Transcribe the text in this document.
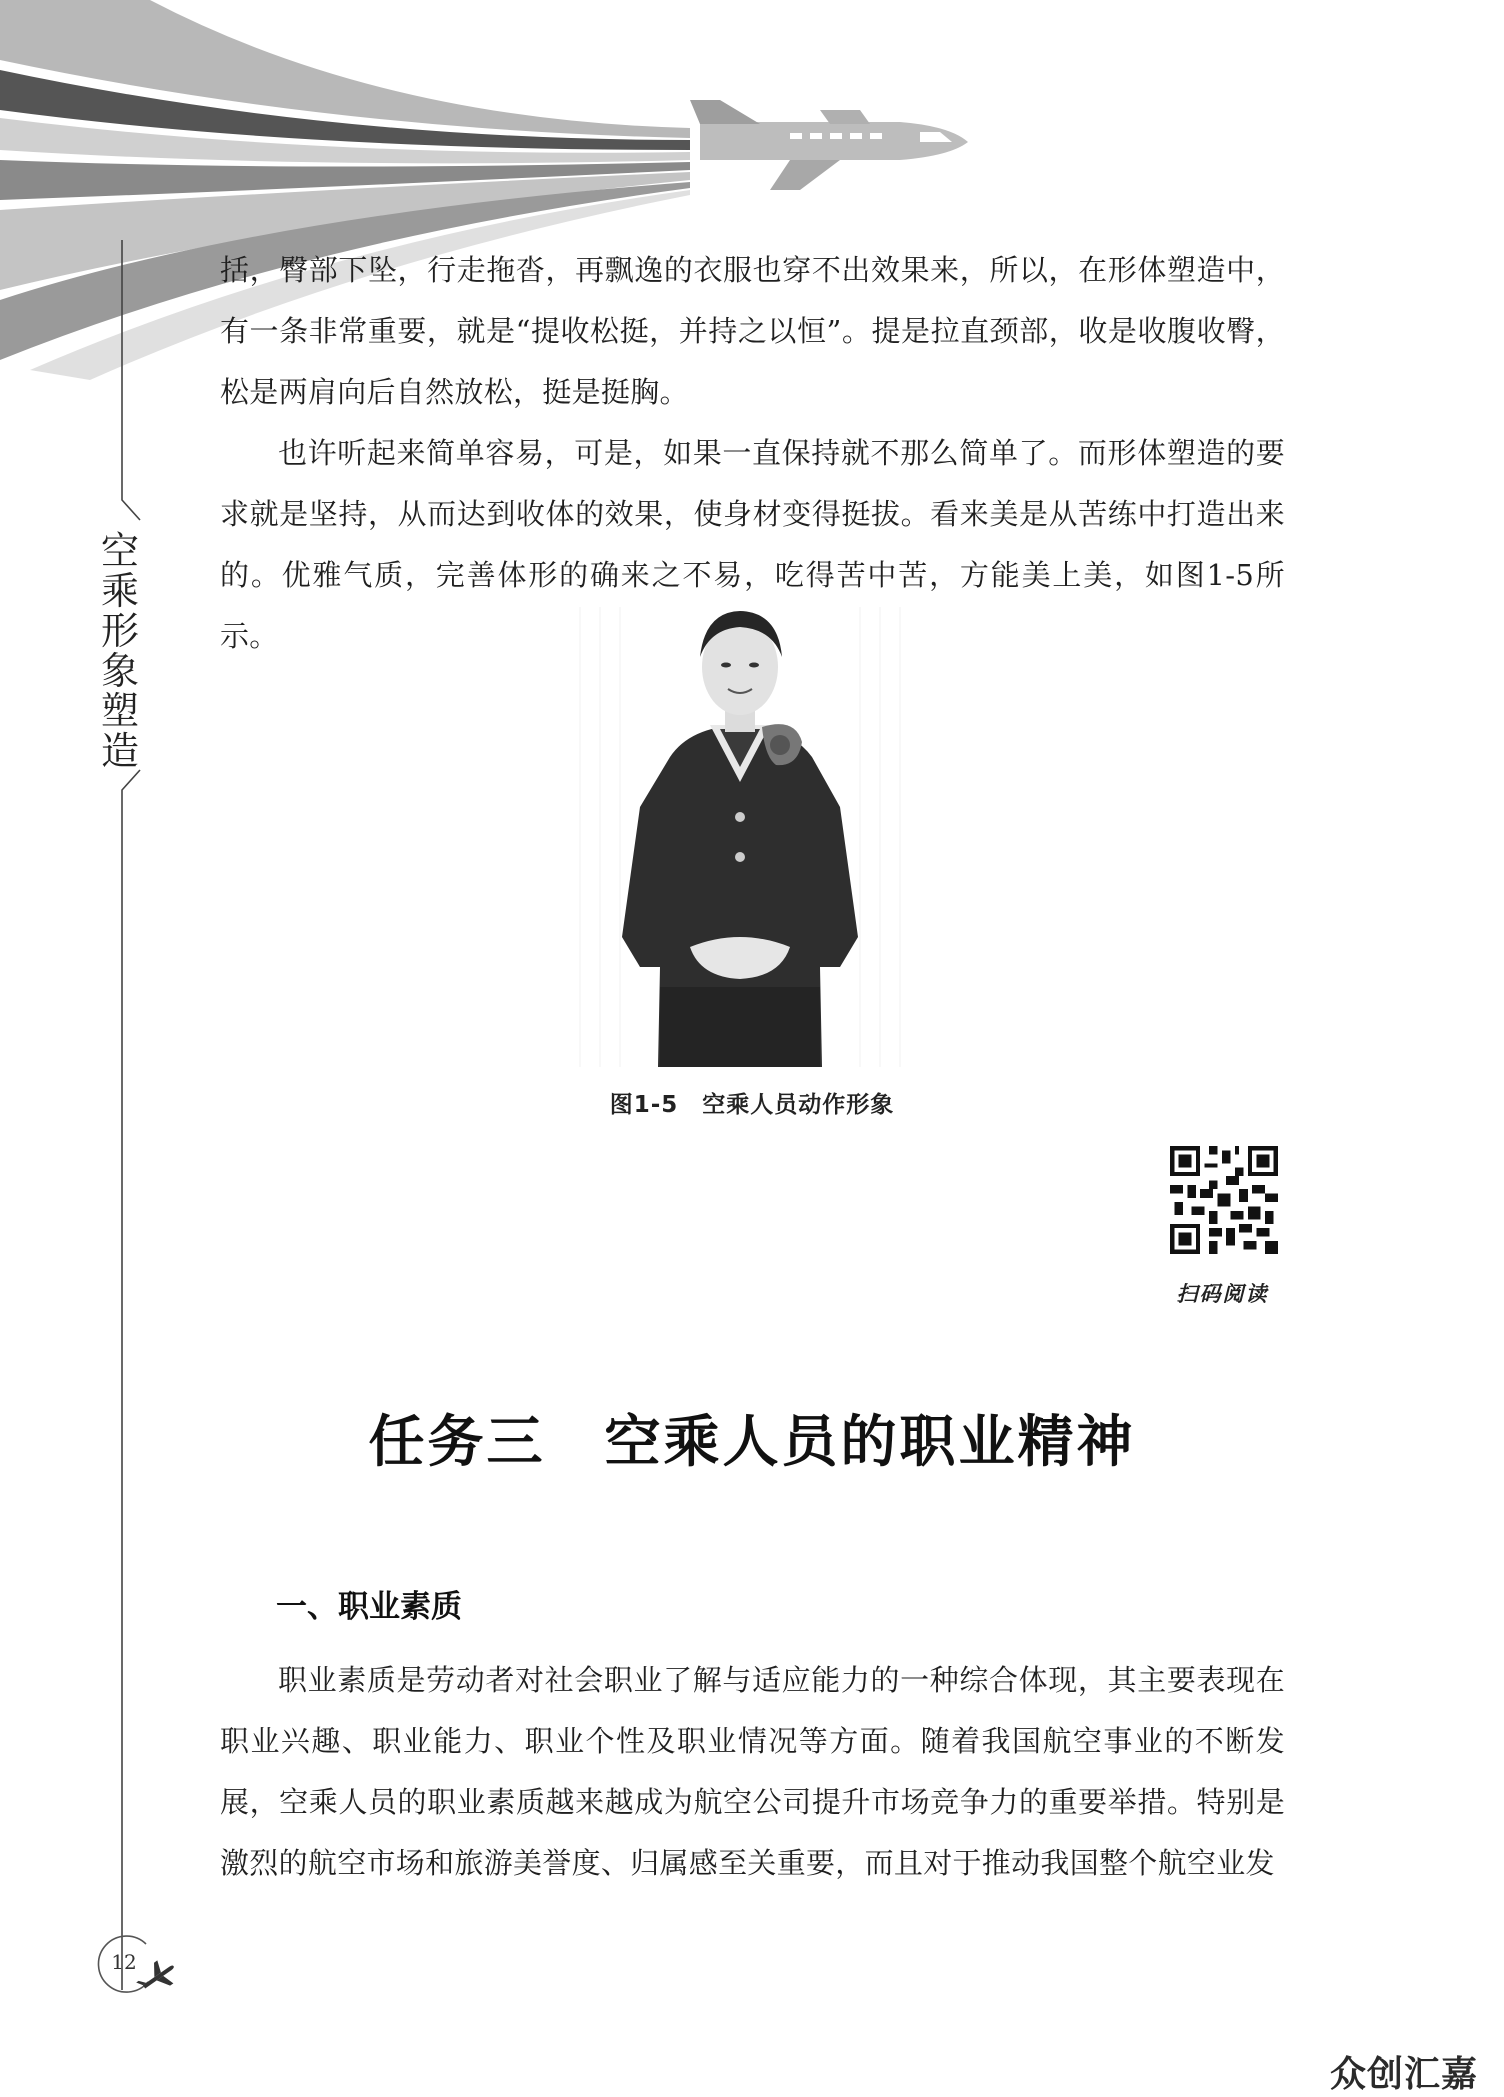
空
乘
形
象
塑
造
括，臀部下坠，行走拖沓，再飘逸的衣服也穿不出效果来，所以，在形体塑造中，有一条非常重要，就是“提收松挺，并持之以恒”。提是拉直颈部，收是收腹收臀，松是两肩向后自然放松，挺是挺胸。
也许听起来简单容易，可是，如果一直保持就不那么简单了。而形体塑造的要求就是坚持，从而达到收体的效果，使身材变得挺拔。看来美是从苦练中打造出来的。优雅气质，完善体形的确来之不易，吃得苦中苦，方能美上美，如图1-5所示。
图1-5　空乘人员动作形象
扫码阅读
任务三　空乘人员的职业精神
一、职业素质
职业素质是劳动者对社会职业了解与适应能力的一种综合体现，其主要表现在职业兴趣、职业能力、职业个性及职业情况等方面。随着我国航空事业的不断发展，空乘人员的职业素质越来越成为航空公司提升市场竞争力的重要举措。特别是激烈的航空市场和旅游美誉度、归属感至关重要，而且对于推动我国整个航空业发
12
众创汇嘉
